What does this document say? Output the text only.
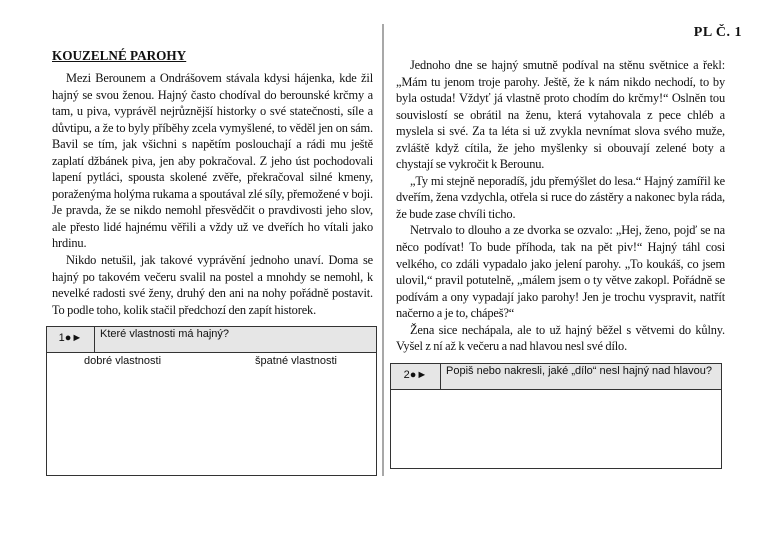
PL Č. 1
KOUZELNÉ PAROHY

Mezi Berounem a Ondrášovem stávala kdysi hájenka, kde žil hajný se svou ženou. Hajný často chodíval do berounské krčmy a tam, u piva, vyprávěl nejrůznější historky o své statečnosti, síle a důvtipu, a že to byly příběhy zcela vymyšlené, to věděl jen on sám. Bavil se tím, jak všichni s napětím poslouchají a rádi mu ještě zaplatí džbánek piva, jen aby pokračoval. Z jeho úst pochodovali lapení pytláci, spousta skolené zvěře, překračoval silné kmeny, poraženýma holýma rukama a spoutával zlé síly, přemožené v boji. Je pravda, že se nikdo nemohl přesvědčit o pravdivosti jeho slov, ale přesto lidé hajnému věřili a vždy už ve dveřích ho vítali jako hrdinu.

Nikdo netušil, jak takové vyprávění jednoho unaví. Doma se hajný po takovém večeru svalil na postel a mnohdy se nemohl, k nevelké radosti své ženy, druhý den ani na nohy pořádně postavit. To podle toho, kolik stačil předchozí den zapít historek.

Jednoho dne se hajný smutně podíval na stěnu světnice a řekl: „Mám tu jenom troje parohy. Ještě, že k nám nikdo nechodí, to by byla ostuda! Vždyť já vlastně proto chodím do krčmy!“ Oslněn tou souvislostí se obrátil na ženu, která vytahovala z pece chléb a myslela si své. Za ta léta si už zvykla nevnímat slova svého muže, zvláště když cítila, že jeho myšlenky si obouvají zelené boty a chystají se vykročit k Berounu.

„Ty mi stejně neporadíš, jdu přemýšlet do lesa.“ Hajný zamířil ke dveřím, žena vzdychla, otřela si ruce do zástěry a nakonec byla ráda, že bude zase chvíli ticho.

Netrvalo to dlouho a ze dvorka se ozvalo: „Hej, ženo, pojď se na něco podívat! To bude příhoda, tak na pět piv!“ Hajný táhl cosi velkého, co zdáli vypadalo jako jelení parohy. „To koukáš, co jsem ulovil,“ pravil potutelně, „málem jsem o ty větve zakopl. Pořádně se podívám a ony vypadají jako parohy! Jen je trochu vyspravit, natřít načerno a je to, chápeš?“

Žena sice nechápala, ale to už hajný běžel s větvemi do kůlny. Vyšel z ní až k večeru a nad hlavou nesl své dílo.

1●►	Které vlastnosti má hajný?
dobré vlastnosti	špatné vlastnosti
2●►	Popiš nebo nakresli, jaké „dílo“ nesl hajný nad hlavou?
